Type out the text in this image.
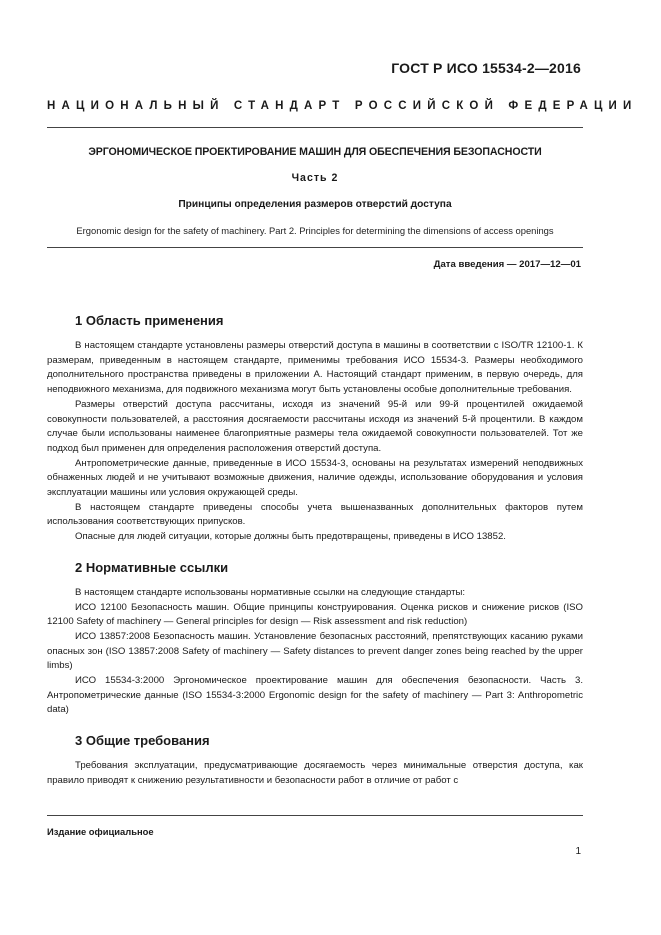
ГОСТ Р ИСО 15534-2—2016
НАЦИОНАЛЬНЫЙ СТАНДАРТ РОССИЙСКОЙ ФЕДЕРАЦИИ
ЭРГОНОМИЧЕСКОЕ ПРОЕКТИРОВАНИЕ МАШИН ДЛЯ ОБЕСПЕЧЕНИЯ БЕЗОПАСНОСТИ
Часть 2
Принципы определения размеров отверстий доступа
Ergonomic design for the safety of machinery. Part 2. Principles for determining the dimensions of access openings
Дата введения — 2017—12—01
1 Область применения

В настоящем стандарте установлены размеры отверстий доступа в машины в соответствии с ISO/TR 12100-1. К размерам, приведенным в настоящем стандарте, применимы требования ИСО 15534-3. Размеры необходимого дополнительного пространства приведены в приложении А. Настоящий стандарт применим, в первую очередь, для неподвижного механизма, для подвижного механизма могут быть установлены особые дополнительные требования.

Размеры отверстий доступа рассчитаны, исходя из значений 95-й или 99-й процентилей ожидаемой совокупности пользователей, а расстояния досягаемости рассчитаны исходя из значений 5-й процентили. В каждом случае были использованы наименее благоприятные размеры тела ожидаемой совокупности пользователей. Тот же подход был применен для определения расположения отверстий доступа.

Антропометрические данные, приведенные в ИСО 15534-3, основаны на результатах измерений неподвижных обнаженных людей и не учитывают возможные движения, наличие одежды, использование оборудования и условия эксплуатации машины или условия окружающей среды.

В настоящем стандарте приведены способы учета вышеназванных дополнительных факторов путем использования соответствующих припусков.

Опасные для людей ситуации, которые должны быть предотвращены, приведены в ИСО 13852.

2 Нормативные ссылки

В настоящем стандарте использованы нормативные ссылки на следующие стандарты:

ИСО 12100 Безопасность машин. Общие принципы конструирования. Оценка рисков и снижение рисков (ISO 12100 Safety of machinery — General principles for design — Risk assessment and risk reduction)

ИСО 13857:2008 Безопасность машин. Установление безопасных расстояний, препятствующих касанию руками опасных зон (ISO 13857:2008 Safety of machinery — Safety distances to prevent danger zones being reached by the upper limbs)

ИСО 15534-3:2000 Эргономическое проектирование машин для обеспечения безопасности. Часть 3. Антропометрические данные (ISO 15534-3:2000 Ergonomic design for the safety of machinery — Part 3: Anthropometric data)

3 Общие требования

Требования эксплуатации, предусматривающие досягаемость через минимальные отверстия доступа, как правило приводят к снижению результативности и безопасности работ в отличие от работ с

Издание официальное
1
